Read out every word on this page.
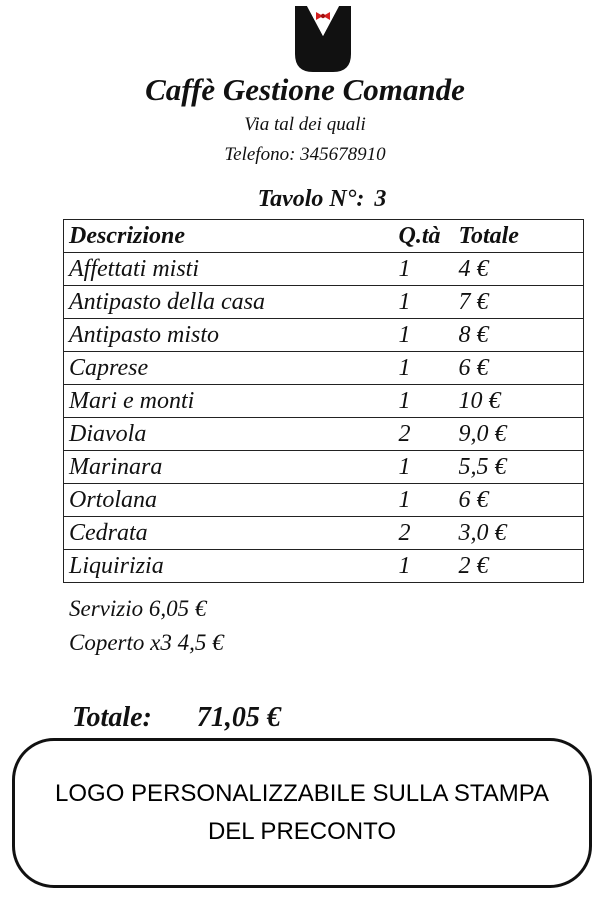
Caffè Gestione Comande
Via tal dei quali
Telefono: 345678910
Tavolo N°: 3
Descrizione	Q.tà	Totale
Affettati misti	1	4 €
Antipasto della casa	1	7 €
Antipasto misto	1	8 €
Caprese	1	6 €
Mari e monti	1	10 €
Diavola	2	9,0 €
Marinara	1	5,5 €
Ortolana	1	6 €
Cedrata	2	3,0 €
Liquirizia	1	2 €
Servizio 6,05 €
Coperto x3 4,5 €
Totale: 71,05 €
LOGO PERSONALIZZABILE SULLA STAMPA
DEL PRECONTO
